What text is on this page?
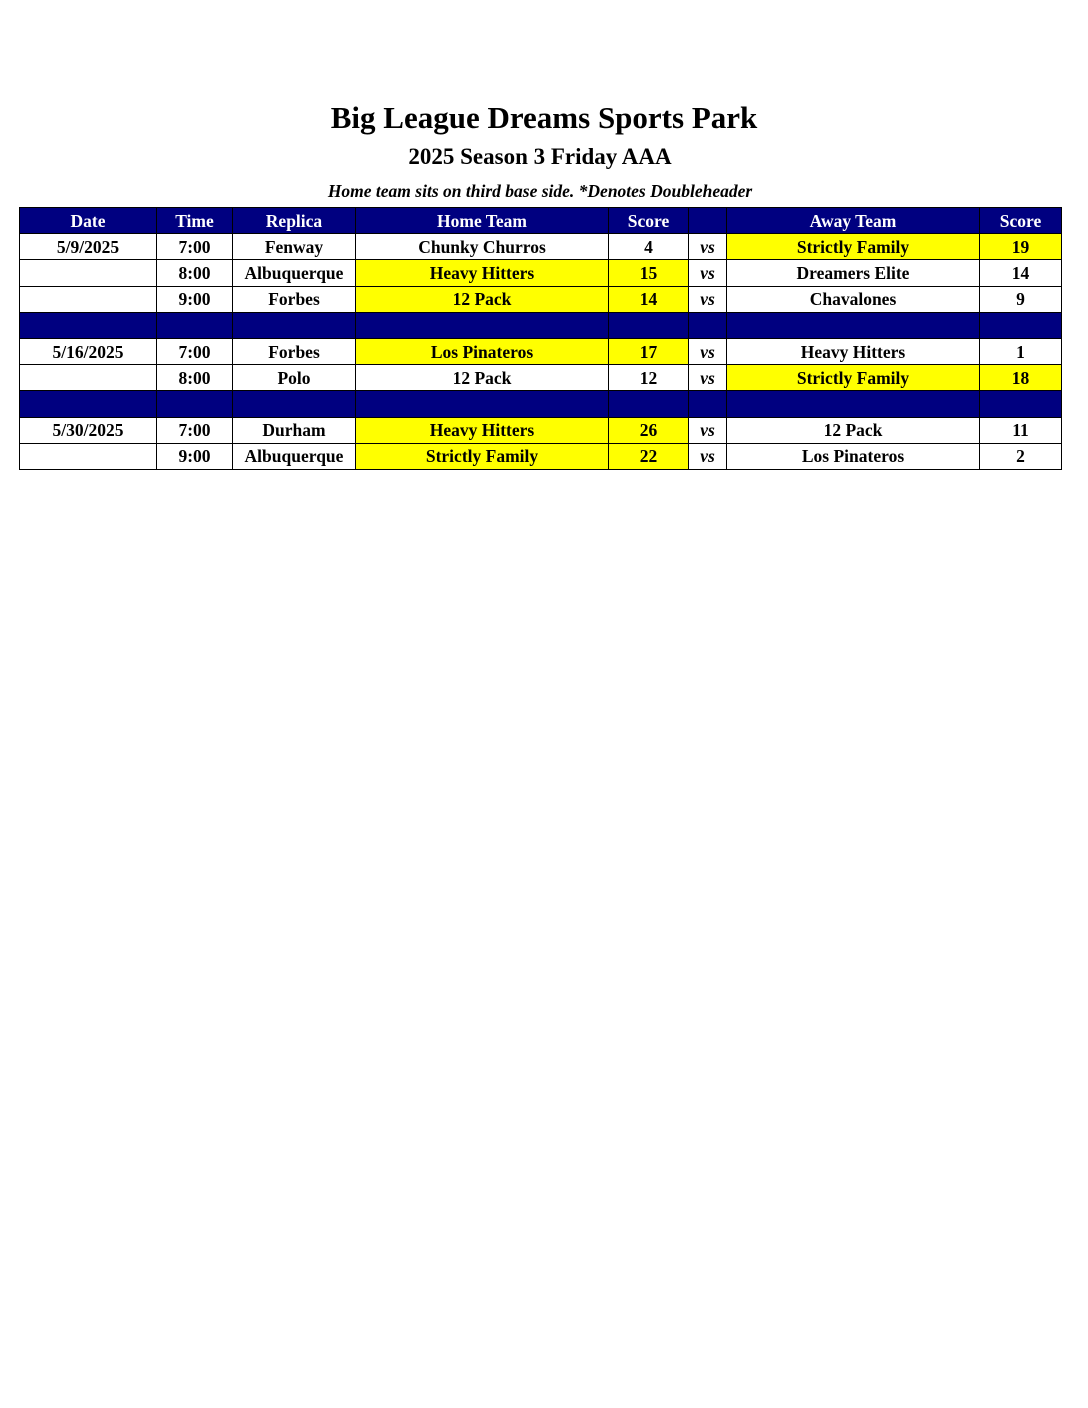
Big League Dreams Sports Park
2025 Season 3 Friday AAA
Home team sits on third base side. *Denotes Doubleheader
Date	Time	Replica	Home Team	Score		Away Team	Score
5/9/2025	7:00	Fenway	Chunky Churros	4	vs	Strictly Family	19
	8:00	Albuquerque	Heavy Hitters	15	vs	Dreamers Elite	14
	9:00	Forbes	12 Pack	14	vs	Chavalones	9

5/16/2025	7:00	Forbes	Los Pinateros	17	vs	Heavy Hitters	1
	8:00	Polo	12 Pack	12	vs	Strictly Family	18

5/30/2025	7:00	Durham	Heavy Hitters	26	vs	12 Pack	11
	9:00	Albuquerque	Strictly Family	22	vs	Los Pinateros	2
